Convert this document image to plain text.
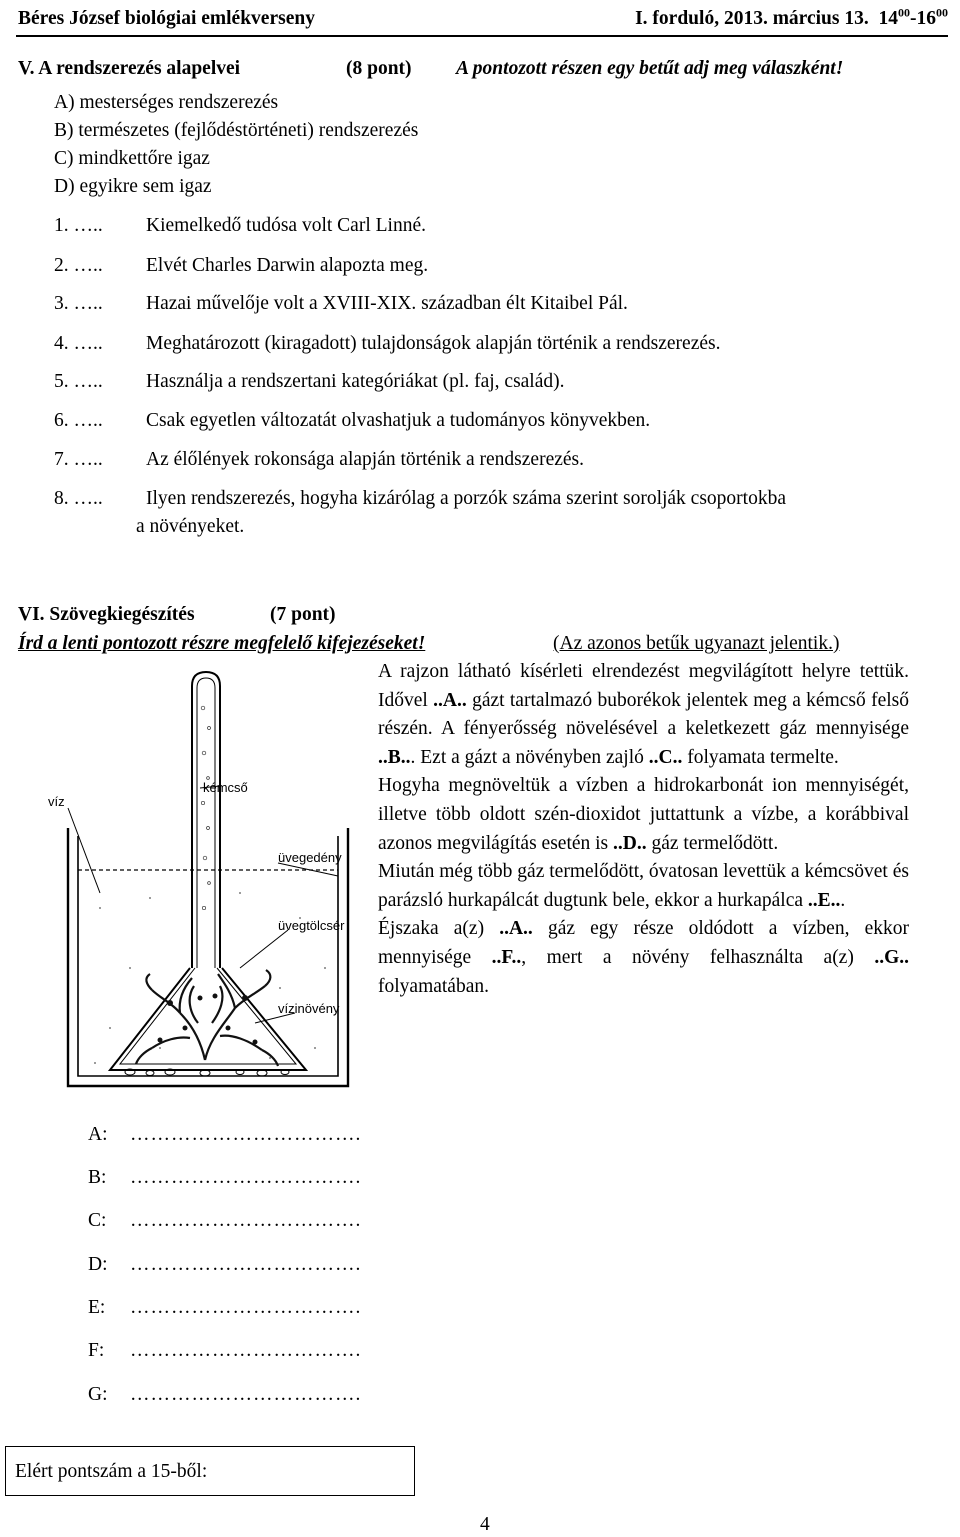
Béres József biológiai emlékverseny	I. forduló, 2013. március 13. $14^{00}-16^{00}$
V. A rendszerezés alapelvei	(8 pont) A pontozott részen egy betűt adj meg válaszként!
A) mesterséges rendszerezés
B) természetes (fejlődéstörténeti) rendszerezés
C) mindkettőre igaz
D) egyikre sem igaz
1. ….. Kiemelkedő tudósa volt Carl Linné.
2. ….. Elvét Charles Darwin alapozta meg.
3. ….. Hazai művelője volt a XVIII-XIX. században élt Kitaibel Pál.
4. ….. Meghatározott (kiragadott) tulajdonságok alapján történik a rendszerezés.
5. ….. Használja a rendszertani kategóriákat (pl. faj, család).
6. ….. Csak egyetlen változatát olvashatjuk a tudományos könyvekben.
7. ….. Az élőlények rokonsága alapján történik a rendszerezés.
8. ….. Ilyen rendszerezés, hogyha kizárólag a porzók száma szerint sorolják csoportokba
a növényeket.
VI. Szövegkiegészítés	(7 pont)
Írd a lenti pontozott részre megfelelő kifejezéseket!	(Az azonos betűk ugyanazt jelentik.)
víz
kémcső
üvegedény
üvegtölcsér
vízinövény

A rajzon látható kísérleti elrendezést megvilágított helyre tettük. Idővel ..A.. gázt tartalmazó buborékok jelentek meg a kémcső felső részén. A fényerősség növelésével a keletkezett gáz mennyisége ..B... Ezt a gázt a növényben zajló ..C.. folyamata termelte.

Hogyha megnöveltük a vízben a hidrokarbonát ion mennyiségét, illetve több oldott szén-dioxidot juttattunk a vízbe, a korábbival azonos megvilágítás esetén is ..D.. gáz termelődött.

Miután még több gáz termelődött, óvatosan levettük a kémcsövet és parázsló hurkapálcát dugtunk bele, ekkor a hurkapálca ..E...

Éjszaka a(z) ..A.. gáz egy része oldódott a vízben, ekkor mennyisége ..F.., mert a növény felhasználta a(z) ..G.. folyamatában.

A: …………………………….
B: …………………………….
C: …………………………….
D: …………………………….
E: …………………………….
F: …………………………….
G: …………………………….
Elért pontszám a 15-ből:
4
